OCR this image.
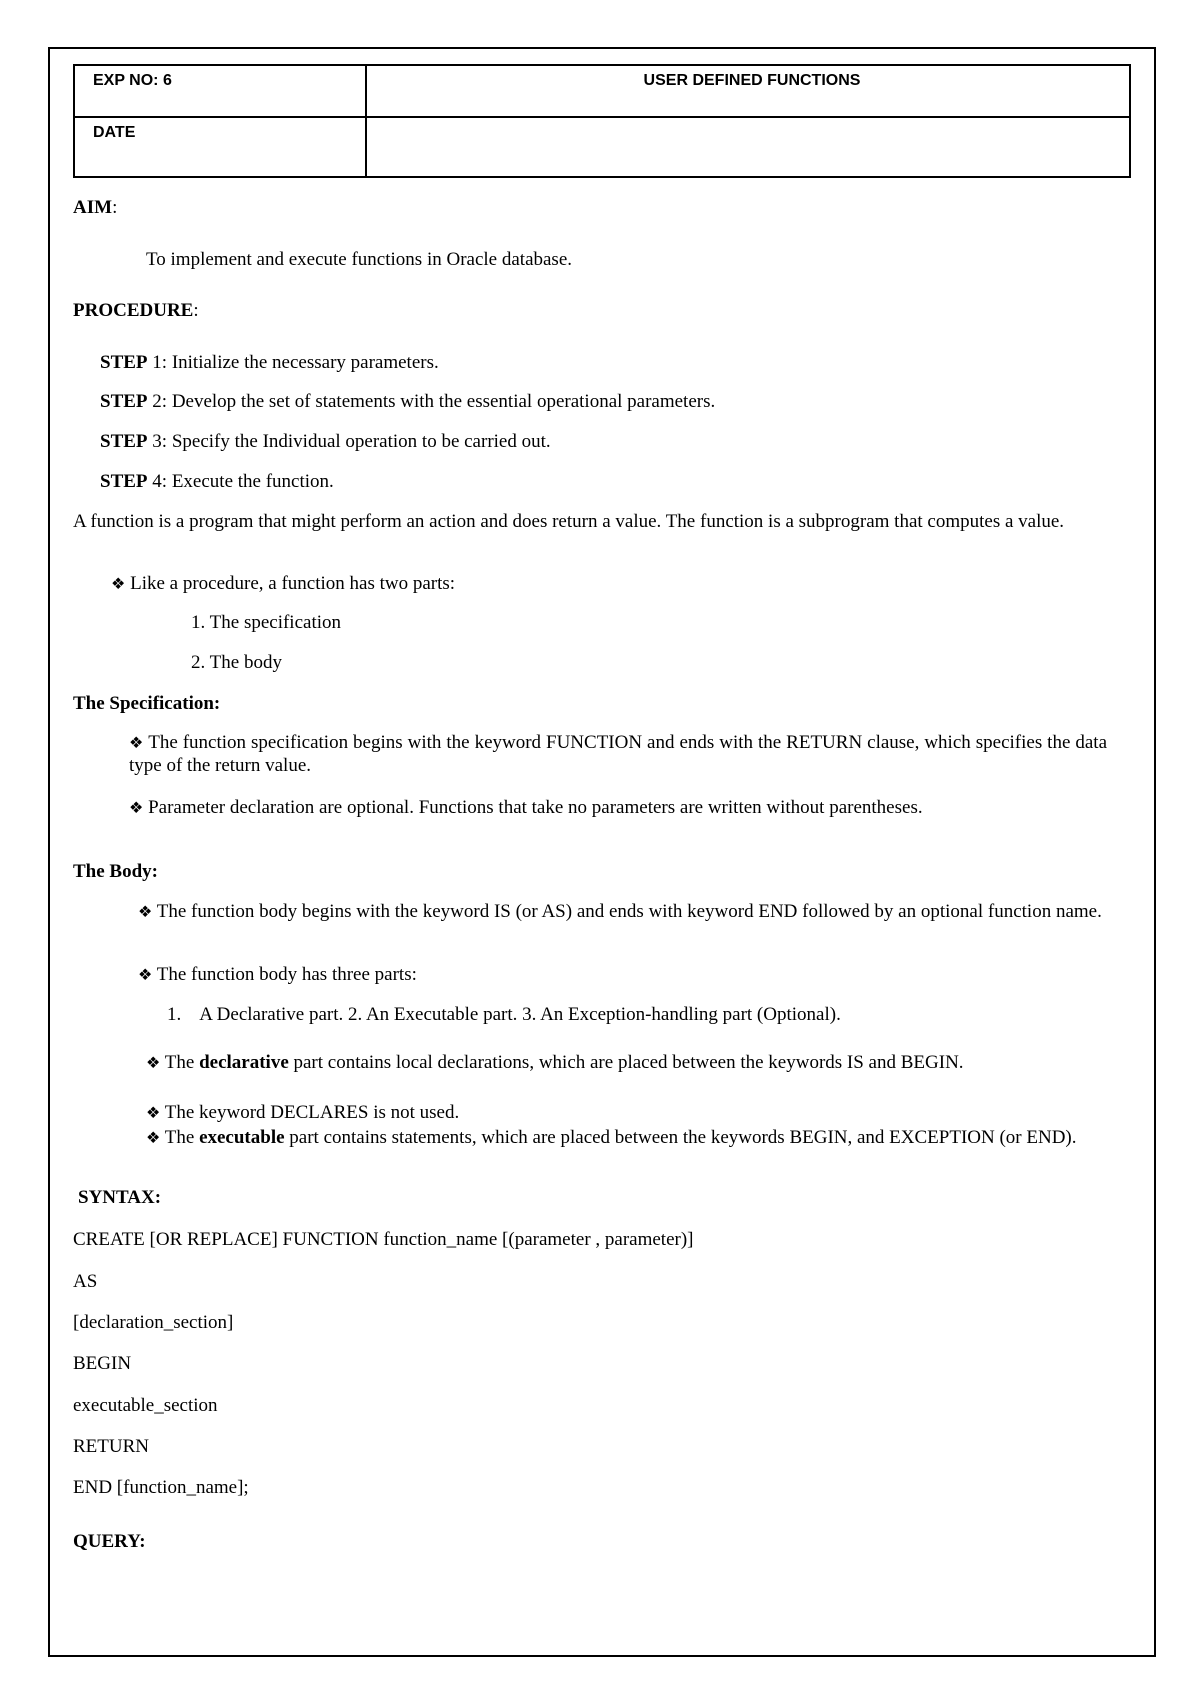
EXP NO: 6	USER DEFINED FUNCTIONS
DATE	
AIM:
To implement and execute functions in Oracle database.
PROCEDURE:
STEP 1: Initialize the necessary parameters.
STEP 2: Develop the set of statements with the essential operational parameters.
STEP 3: Specify the Individual operation to be carried out.
STEP 4: Execute the function.
A function is a program that might perform an action and does return a value. The function is a subprogram that computes a value.
❖ Like a procedure, a function has two parts:
1. The specification
2. The body
The Specification:
❖ The function specification begins with the keyword FUNCTION and ends with the RETURN clause, which specifies the data type of the return value.
❖ Parameter declaration are optional. Functions that take no parameters are written without parentheses.
The Body:
❖ The function body begins with the keyword IS (or AS) and ends with keyword END followed by an optional function name.
❖ The function body has three parts:
1. A Declarative part. 2. An Executable part. 3. An Exception-handling part (Optional).
❖ The declarative part contains local declarations, which are placed between the keywords IS and BEGIN.
❖ The keyword DECLARES is not used.
❖ The executable part contains statements, which are placed between the keywords BEGIN, and EXCEPTION (or END).
SYNTAX:
CREATE [OR REPLACE] FUNCTION function_name [(parameter , parameter)]
AS
[declaration_section]
BEGIN
executable_section
RETURN
END [function_name];
QUERY:
